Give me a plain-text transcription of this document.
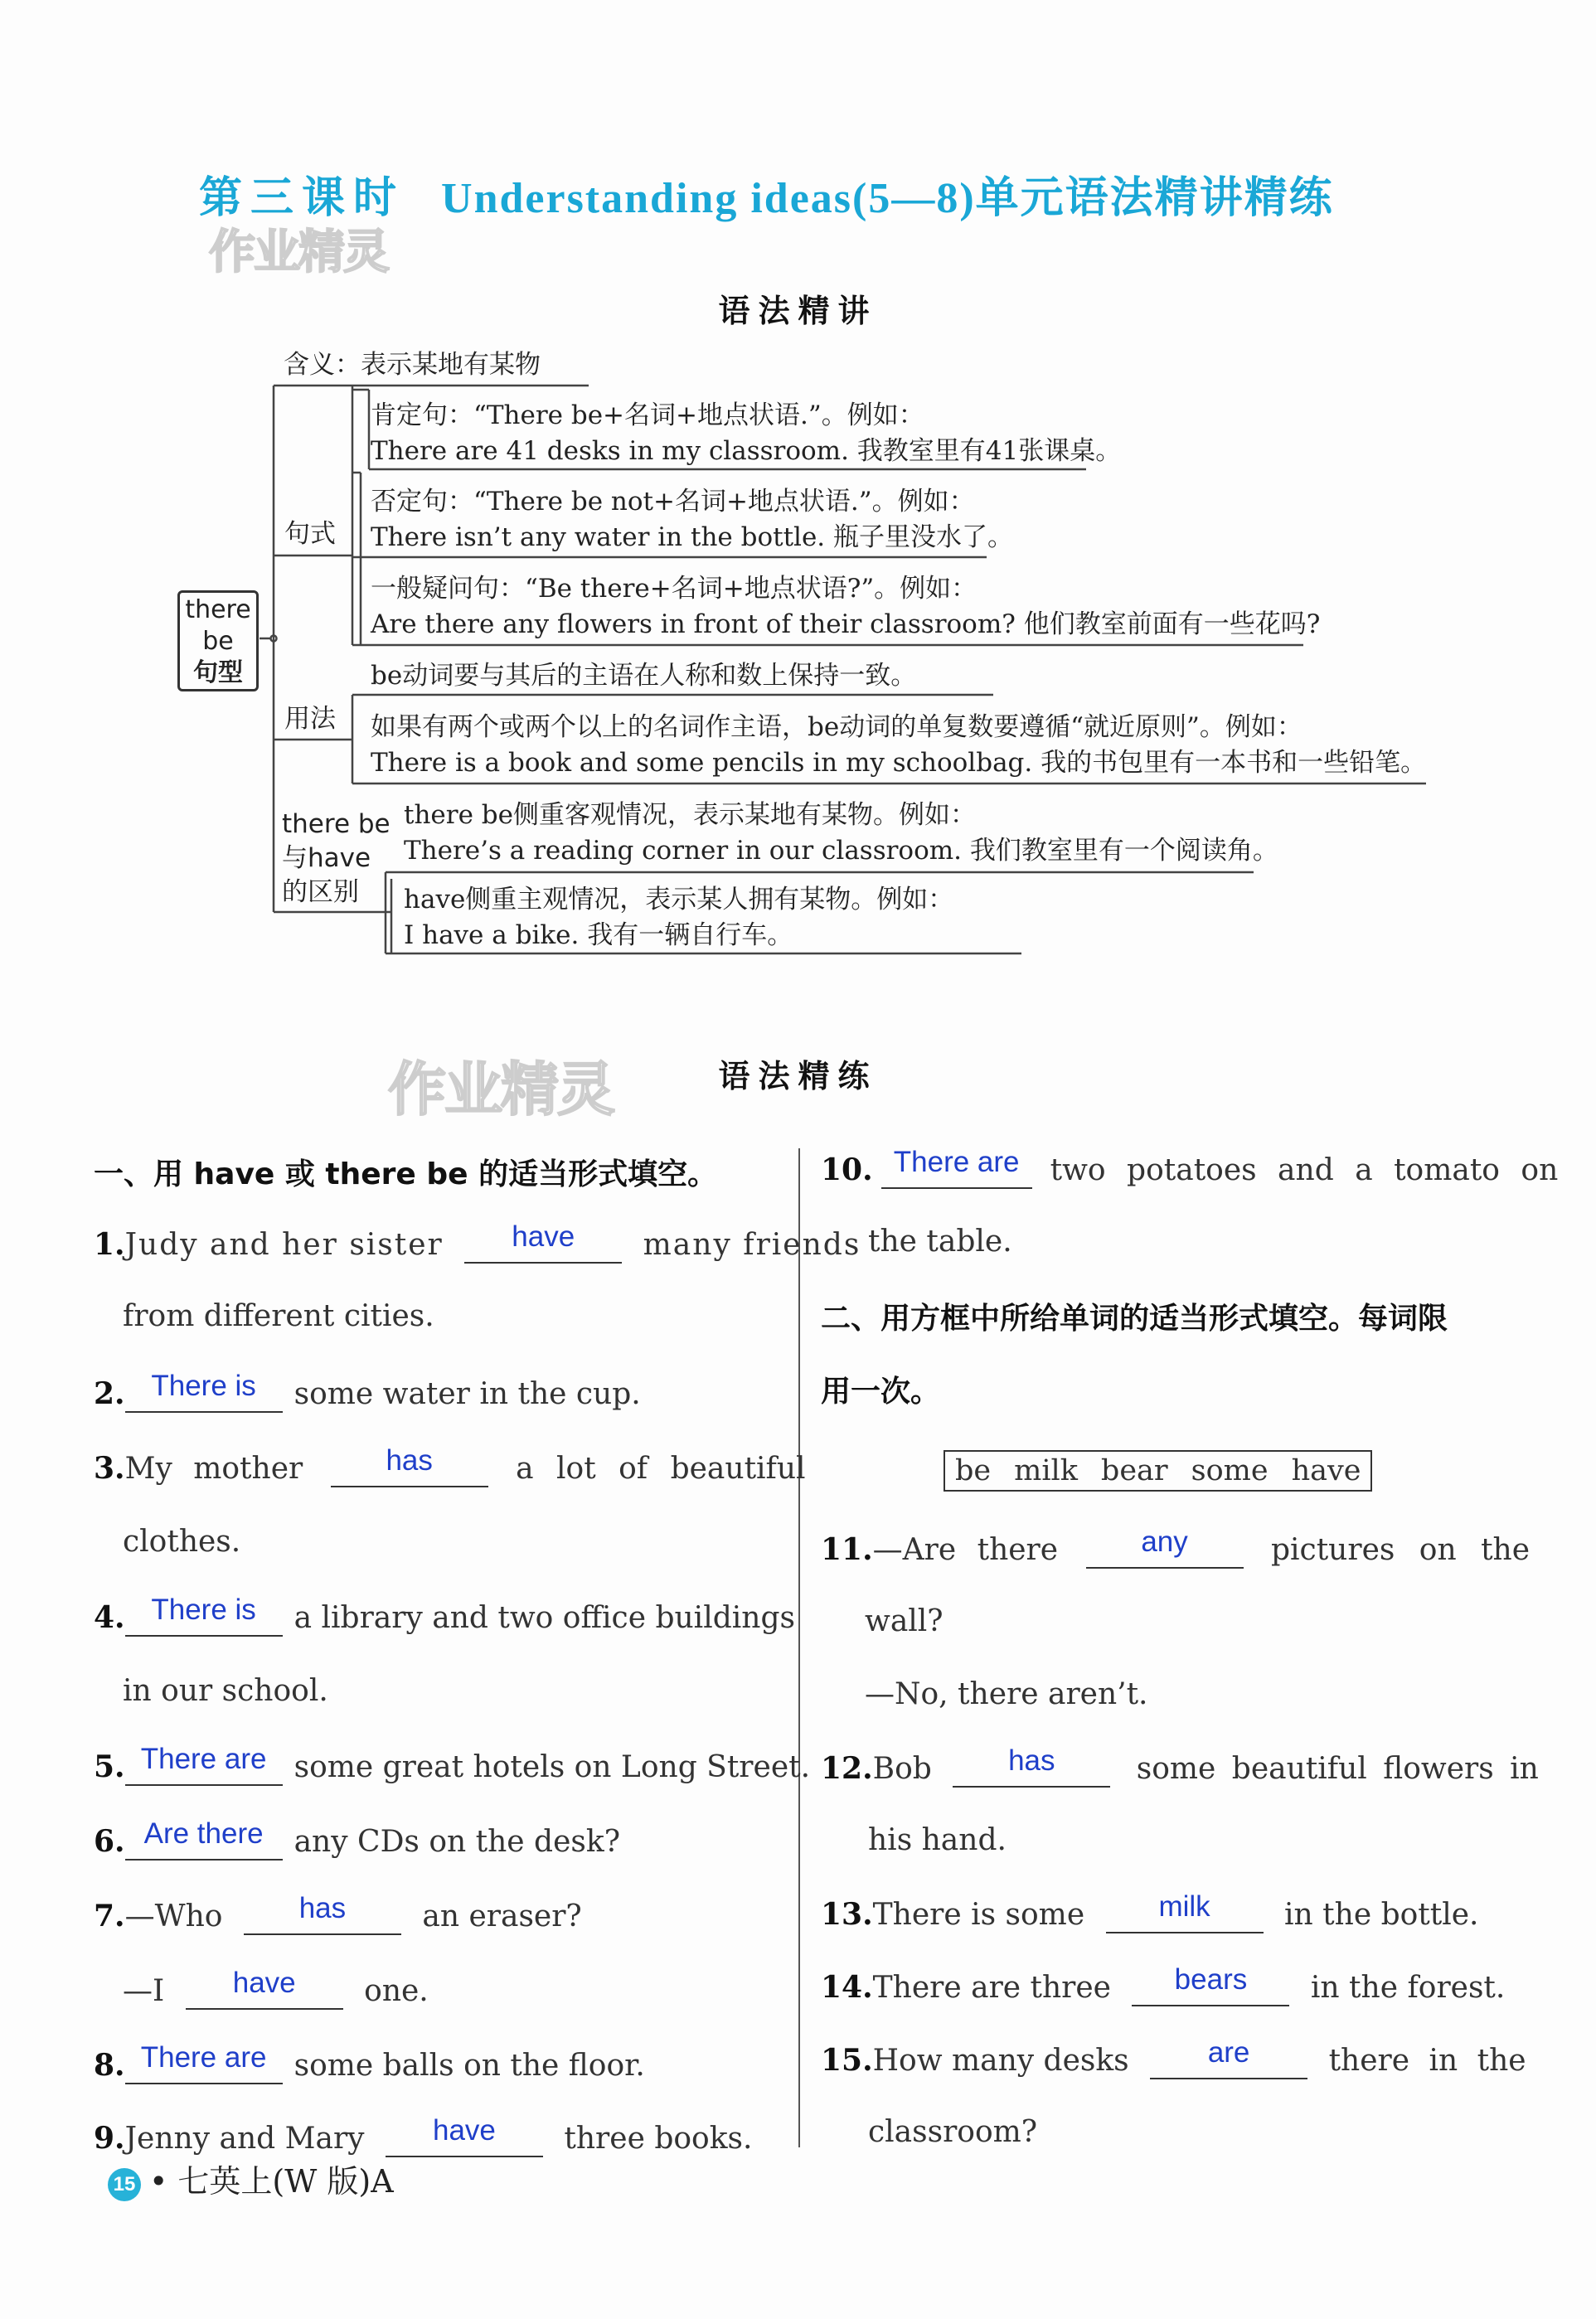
第三课时 Understanding ideas(5—8)单元语法精讲精练
作业精灵
语法精讲
there
be
句型
含义：表示某地有某物
句式
肯定句：“There be+名词+地点状语.”。例如：
There are 41 desks in my classroom. 我教室里有41张课桌。
否定句：“There be not+名词+地点状语.”。例如：
There isn’t any water in the bottle. 瓶子里没水了。
一般疑问句：“Be there+名词+地点状语?”。例如：
Are there any flowers in front of their classroom? 他们教室前面有一些花吗?
用法
be动词要与其后的主语在人称和数上保持一致。
如果有两个或两个以上的名词作主语，be动词的单复数要遵循“就近原则”。例如：
There is a book and some pencils in my schoolbag. 我的书包里有一本书和一些铅笔。
there be
与have
的区别
there be侧重客观情况，表示某地有某物。例如：
There’s a reading corner in our classroom. 我们教室里有一个阅读角。
have侧重主观情况，表示某人拥有某物。例如：
I have a bike. 我有一辆自行车。
作业精灵	语法精练

一、用 have 或 there be 的适当形式填空。

1.Judy and her sister	have	many friends
from different cities.
2. There is	some water in the cup.
3.My mother	has	a lot of beautiful
clothes.
4. There is	a library and two office buildings
in our school.
5. There are some great hotels on Long Street.
6. Are there	any CDs on the desk?
7.—Who	has	an eraser?
—I	have	one.
8. There are some balls on the floor.
9.Jenny and Mary	have	three books.
10. There are	two potatoes and a tomato on
the table.

二、用方框中所给单词的适当形式填空。每词限

用一次。

be milk bear some have
11.—Are there	any	pictures on the
wall?
—No, there aren’t.
12.Bob	has	some beautiful flowers in
his hand.
13.There is some	milk	in the bottle.
14.There are three	bears	in the forest.
15.How many desks	are	there in the
classroom?
15 • 七英上(W 版)A
